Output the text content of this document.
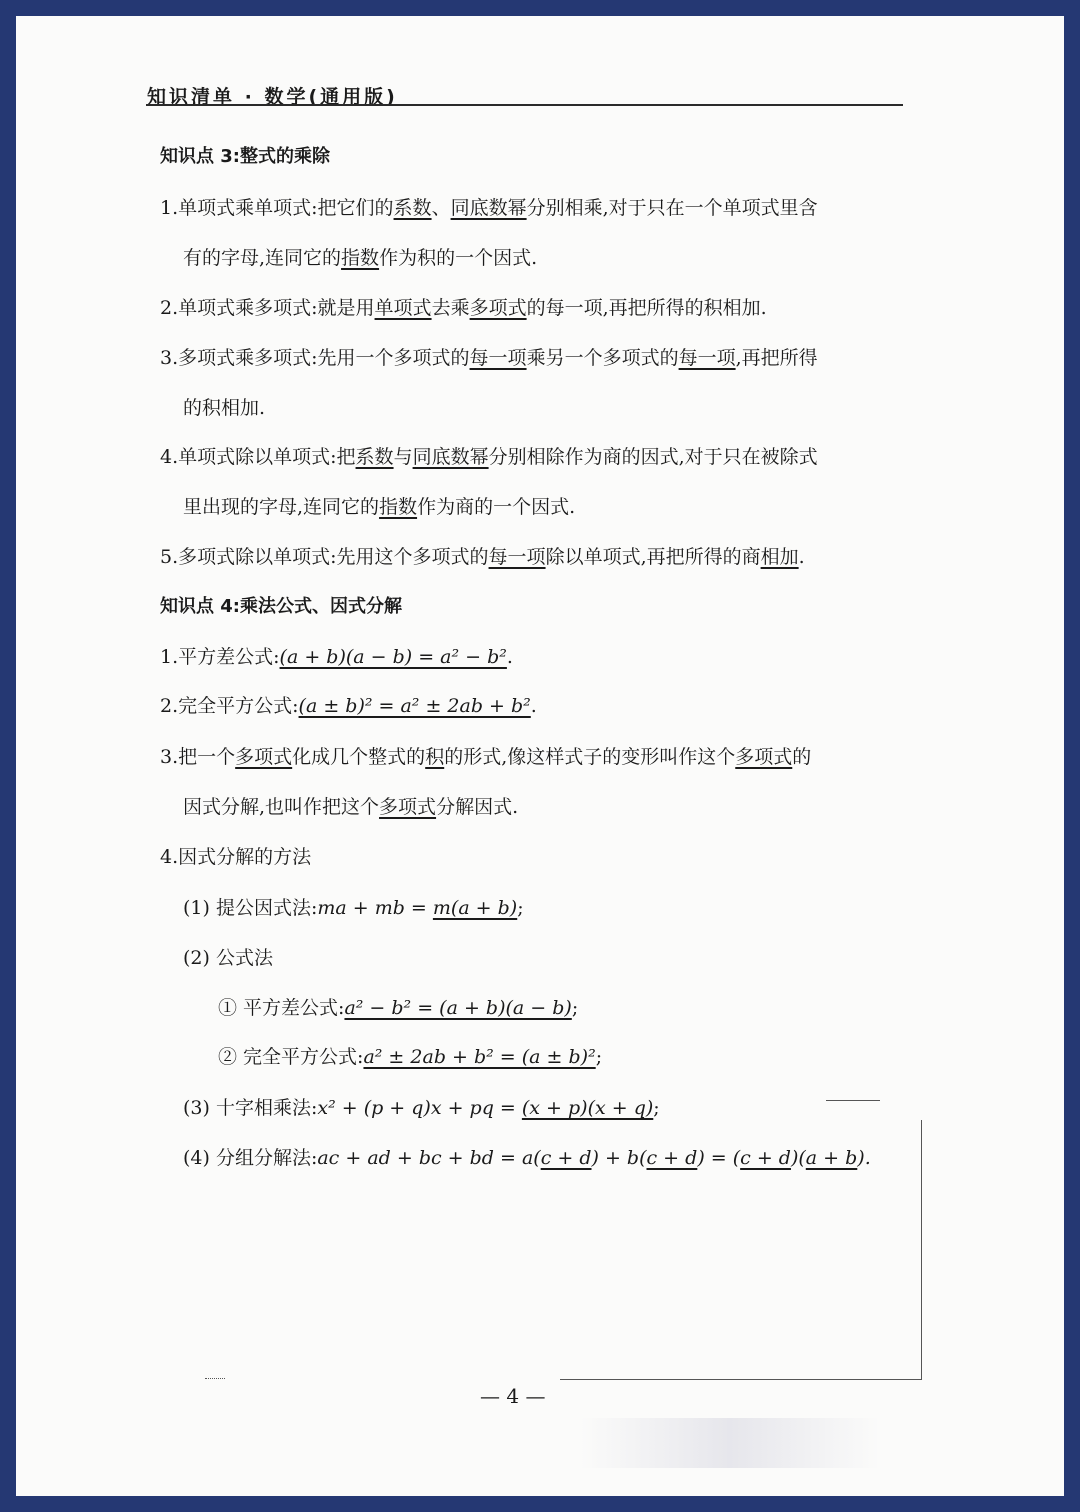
知识清单 · 数学(通用版)
知识点 3:整式的乘除
1.单项式乘单项式:把它们的系数、同底数幂分别相乘,对于只在一个单项式里含
有的字母,连同它的指数作为积的一个因式.
2.单项式乘多项式:就是用单项式去乘多项式的每一项,再把所得的积相加.
3.多项式乘多项式:先用一个多项式的每一项乘另一个多项式的每一项,再把所得
的积相加.
4.单项式除以单项式:把系数与同底数幂分别相除作为商的因式,对于只在被除式
里出现的字母,连同它的指数作为商的一个因式.
5.多项式除以单项式:先用这个多项式的每一项除以单项式,再把所得的商相加.
知识点 4:乘法公式、因式分解
1.平方差公式:(a + b)(a − b) = a² − b².
2.完全平方公式:(a ± b)² = a² ± 2ab + b².
3.把一个多项式化成几个整式的积的形式,像这样式子的变形叫作这个多项式的
因式分解,也叫作把这个多项式分解因式.
4.因式分解的方法
(1) 提公因式法:ma + mb = m(a + b);
(2) 公式法
① 平方差公式:a² − b² = (a + b)(a − b);
② 完全平方公式:a² ± 2ab + b² = (a ± b)²;
(3) 十字相乘法:x² + (p + q)x + pq = (x + p)(x + q);
(4) 分组分解法:ac + ad + bc + bd = a(c + d) + b(c + d) = (c + d)(a + b).
— 4 —
